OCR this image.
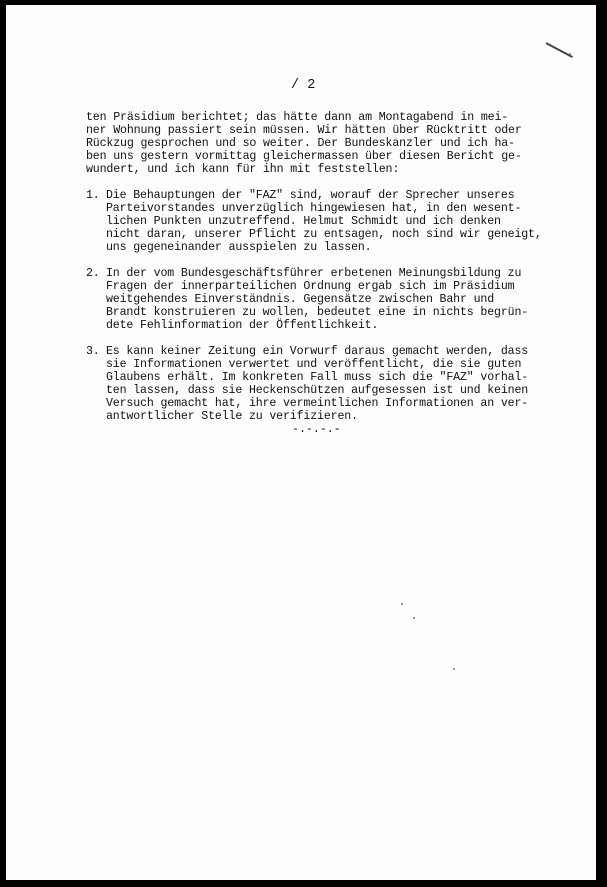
/ 2
ten Präsidium berichtet; das hätte dann am Montagabend in mei-
ner Wohnung passiert sein müssen. Wir hätten über Rücktritt oder
Rückzug gesprochen und so weiter. Der Bundeskanzler und ich ha-
ben uns gestern vormittag gleichermassen über diesen Bericht ge-
wundert, und ich kann für ihn mit feststellen:
1. Die Behauptungen der "FAZ" sind, worauf der Sprecher unseres
Parteivorstandes unverzüglich hingewiesen hat, in den wesent-
lichen Punkten unzutreffend. Helmut Schmidt und ich denken
nicht daran, unserer Pflicht zu entsagen, noch sind wir geneigt,
uns gegeneinander ausspielen zu lassen.
2. In der vom Bundesgeschäftsführer erbetenen Meinungsbildung zu
Fragen der innerparteilichen Ordnung ergab sich im Präsidium
weitgehendes Einverständnis. Gegensätze zwischen Bahr und
Brandt konstruieren zu wollen, bedeutet eine in nichts begrün-
dete Fehlinformation der Öffentlichkeit.
3. Es kann keiner Zeitung ein Vorwurf daraus gemacht werden, dass
sie Informationen verwertet und veröffentlicht, die sie guten
Glaubens erhält. Im konkreten Fall muss sich die "FAZ" vorhal-
ten lassen, dass sie Heckenschützen aufgesessen ist und keinen
Versuch gemacht hat, ihre vermeintlichen Informationen an ver-
antwortlicher Stelle zu verifizieren.
-.-.-.-
